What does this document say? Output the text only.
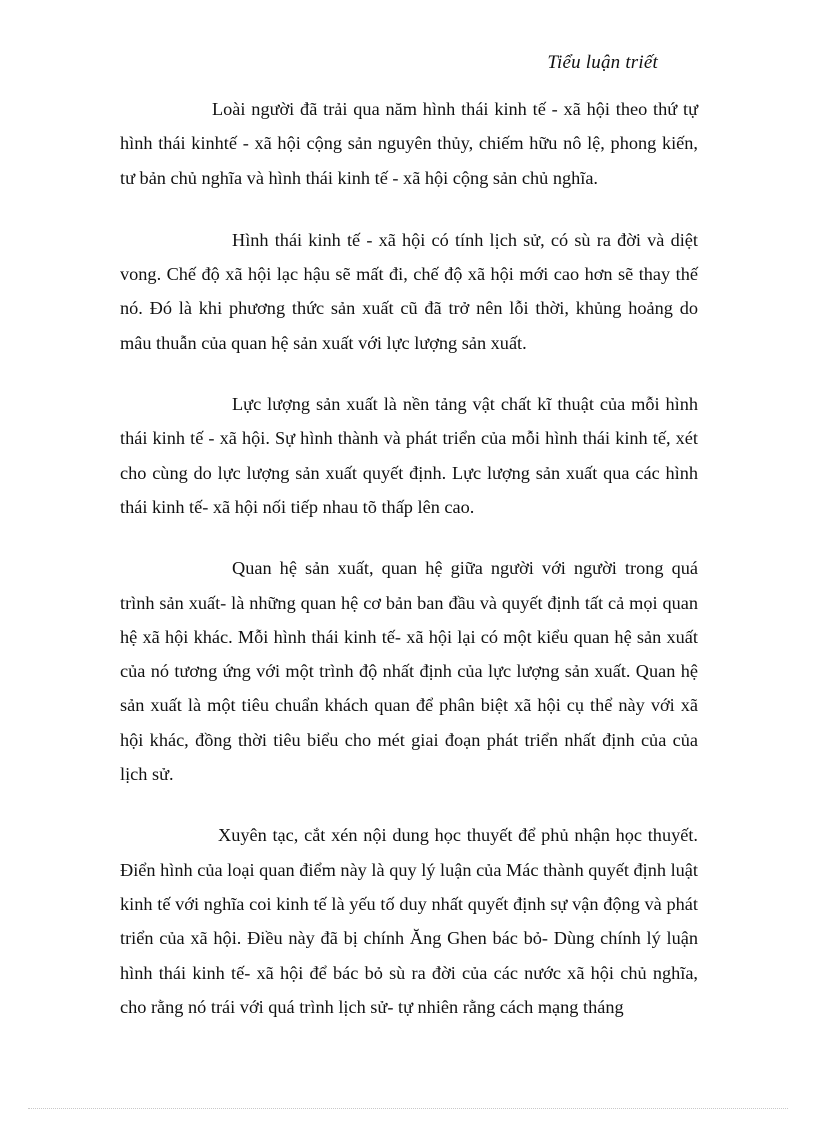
Tiểu luận triết

Loài người đã trải qua năm hình thái kinh tế - xã hội theo thứ tự hình thái kinhtế - xã hội cộng sản nguyên thủy, chiếm hữu nô lệ, phong kiến, tư bản chủ nghĩa và hình thái kinh tế - xã hội cộng sản chủ nghĩa.

Hình thái kinh tế - xã hội có tính lịch sử, có sù ra đời và diệt vong. Chế độ xã hội lạc hậu sẽ mất đi, chế độ xã hội mới cao hơn sẽ thay thế nó. Đó là khi phương thức sản xuất cũ đã trở nên lỗi thời, khủng hoảng do mâu thuẫn của quan hệ sản xuất với lực lượng sản xuất.

Lực lượng sản xuất là nền tảng vật chất kĩ thuật của mỗi hình thái kinh tế - xã hội. Sự hình thành và phát triển của mỗi hình thái kinh tế, xét cho cùng do lực lượng sản xuất quyết định. Lực lượng sản xuất qua các hình thái kinh tế- xã hội nối tiếp nhau tõ thấp lên cao.

Quan hệ sản xuất, quan hệ giữa người với người trong quá trình sản xuất- là những quan hệ cơ bản ban đầu và quyết định tất cả mọi quan hệ xã hội khác. Mỗi hình thái kinh tế- xã hội lại có một kiểu quan hệ sản xuất của nó tương ứng với một trình độ nhất định của lực lượng sản xuất. Quan hệ sản xuất là một tiêu chuẩn khách quan để phân biệt xã hội cụ thể này với xã hội khác, đồng thời tiêu biểu cho mét giai đoạn phát triển nhất định của của lịch sử.

Xuyên tạc, cắt xén nội dung học thuyết để phủ nhận học thuyết. Điển hình của loại quan điểm này là quy lý luận của Mác thành quyết định luật kinh tế với nghĩa coi kinh tế là yếu tố duy nhất quyết định sự vận động và phát triển của xã hội. Điều này đã bị chính Ăng Ghen bác bỏ- Dùng chính lý luận hình thái kinh tế- xã hội để bác bỏ sù ra đời của các nước xã hội chủ nghĩa, cho rằng nó trái với quá trình lịch sử- tự nhiên rằng cách mạng tháng
